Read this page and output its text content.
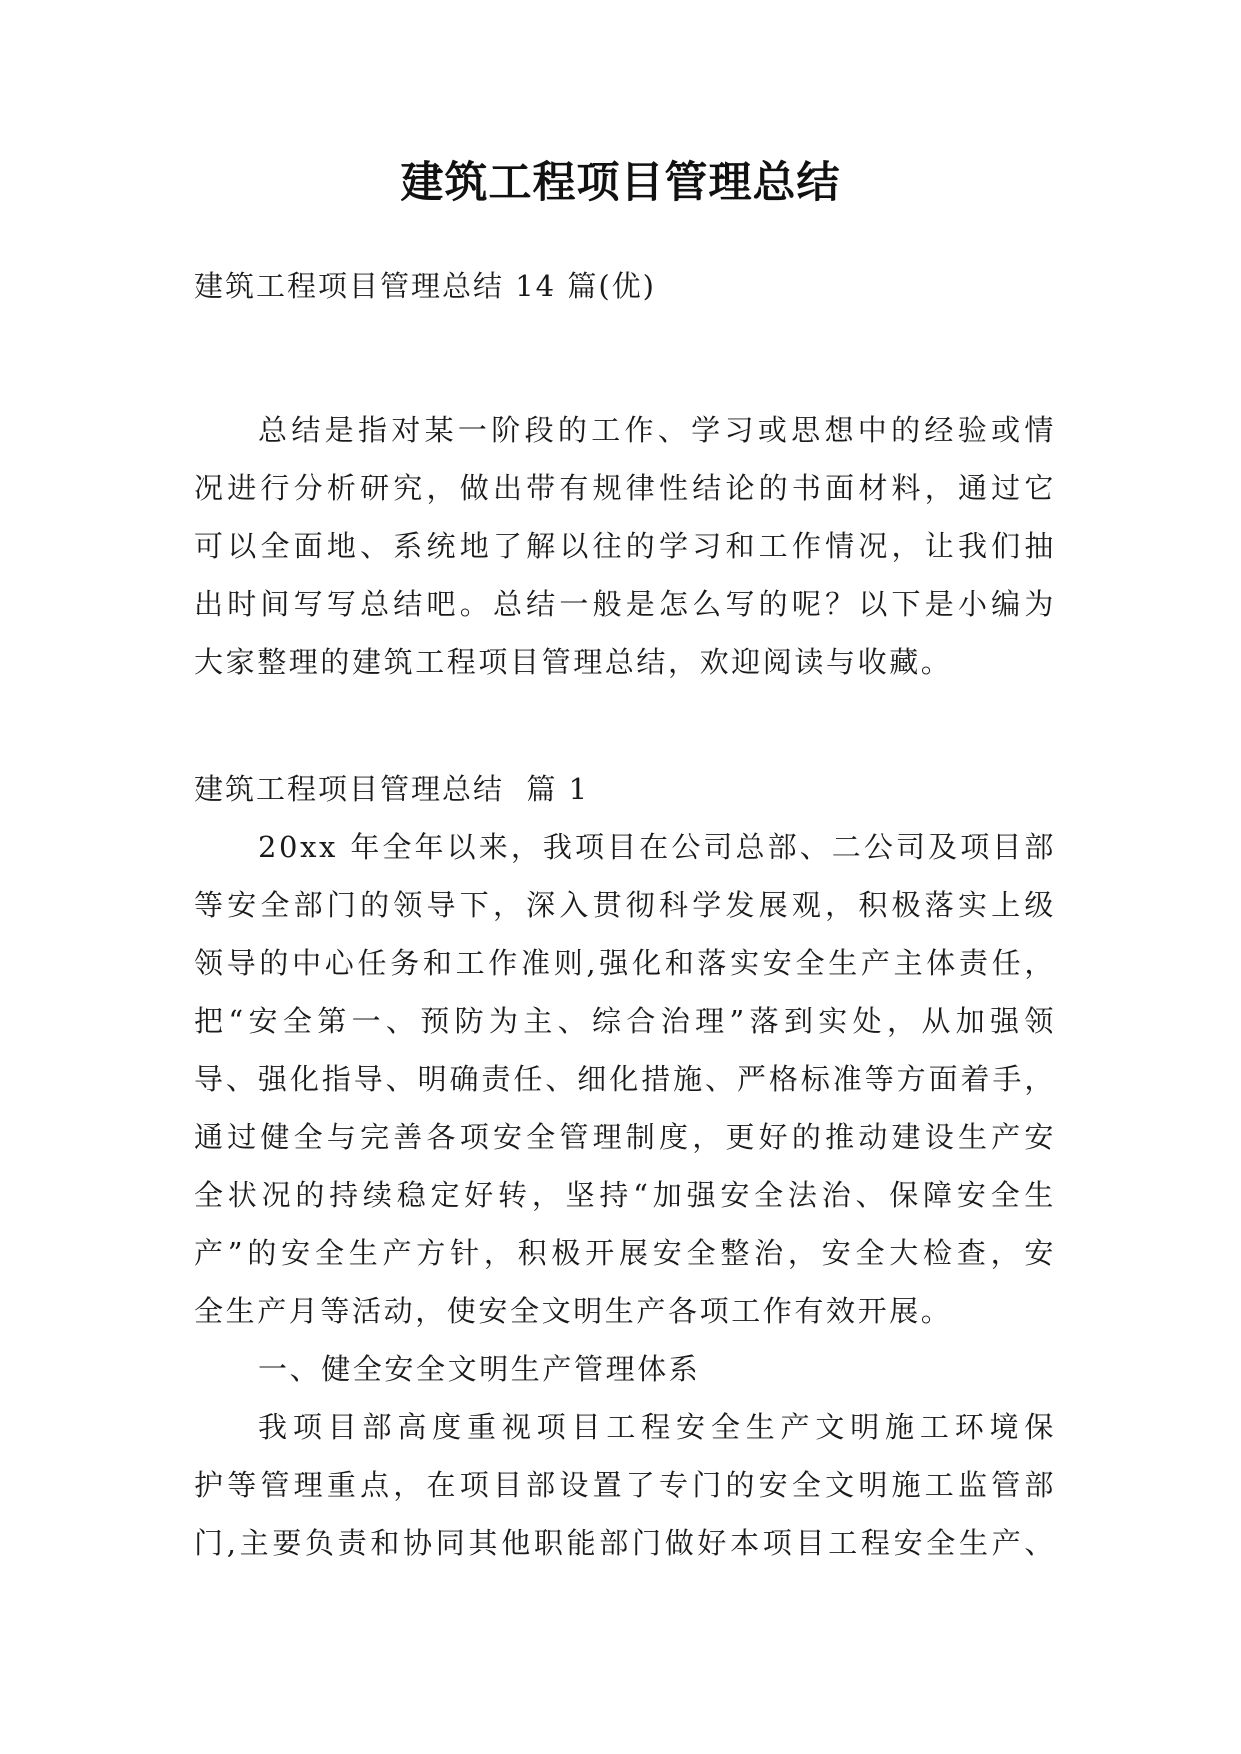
建筑工程项目管理总结

建筑工程项目管理总结 14 篇(优)

总结是指对某一阶段的工作、学习或思想中的经验或情
况进行分析研究，做出带有规律性结论的书面材料，通过它
可以全面地、系统地了解以往的学习和工作情况，让我们抽
出时间写写总结吧。总结一般是怎么写的呢？以下是小编为
大家整理的建筑工程项目管理总结，欢迎阅读与收藏。

建筑工程项目管理总结  篇 1

20xx 年全年以来，我项目在公司总部、二公司及项目部
等安全部门的领导下，深入贯彻科学发展观，积极落实上级
领导的中心任务和工作准则,强化和落实安全生产主体责任，
把“安全第一、预防为主、综合治理”落到实处，从加强领
导、强化指导、明确责任、细化措施、严格标准等方面着手，
通过健全与完善各项安全管理制度，更好的推动建设生产安
全状况的持续稳定好转，坚持“加强安全法治、保障安全生
产”的安全生产方针，积极开展安全整治，安全大检查，安
全生产月等活动，使安全文明生产各项工作有效开展。
一、健全安全文明生产管理体系
我项目部高度重视项目工程安全生产文明施工环境保
护等管理重点，在项目部设置了专门的安全文明施工监管部
门,主要负责和协同其他职能部门做好本项目工程安全生产、
